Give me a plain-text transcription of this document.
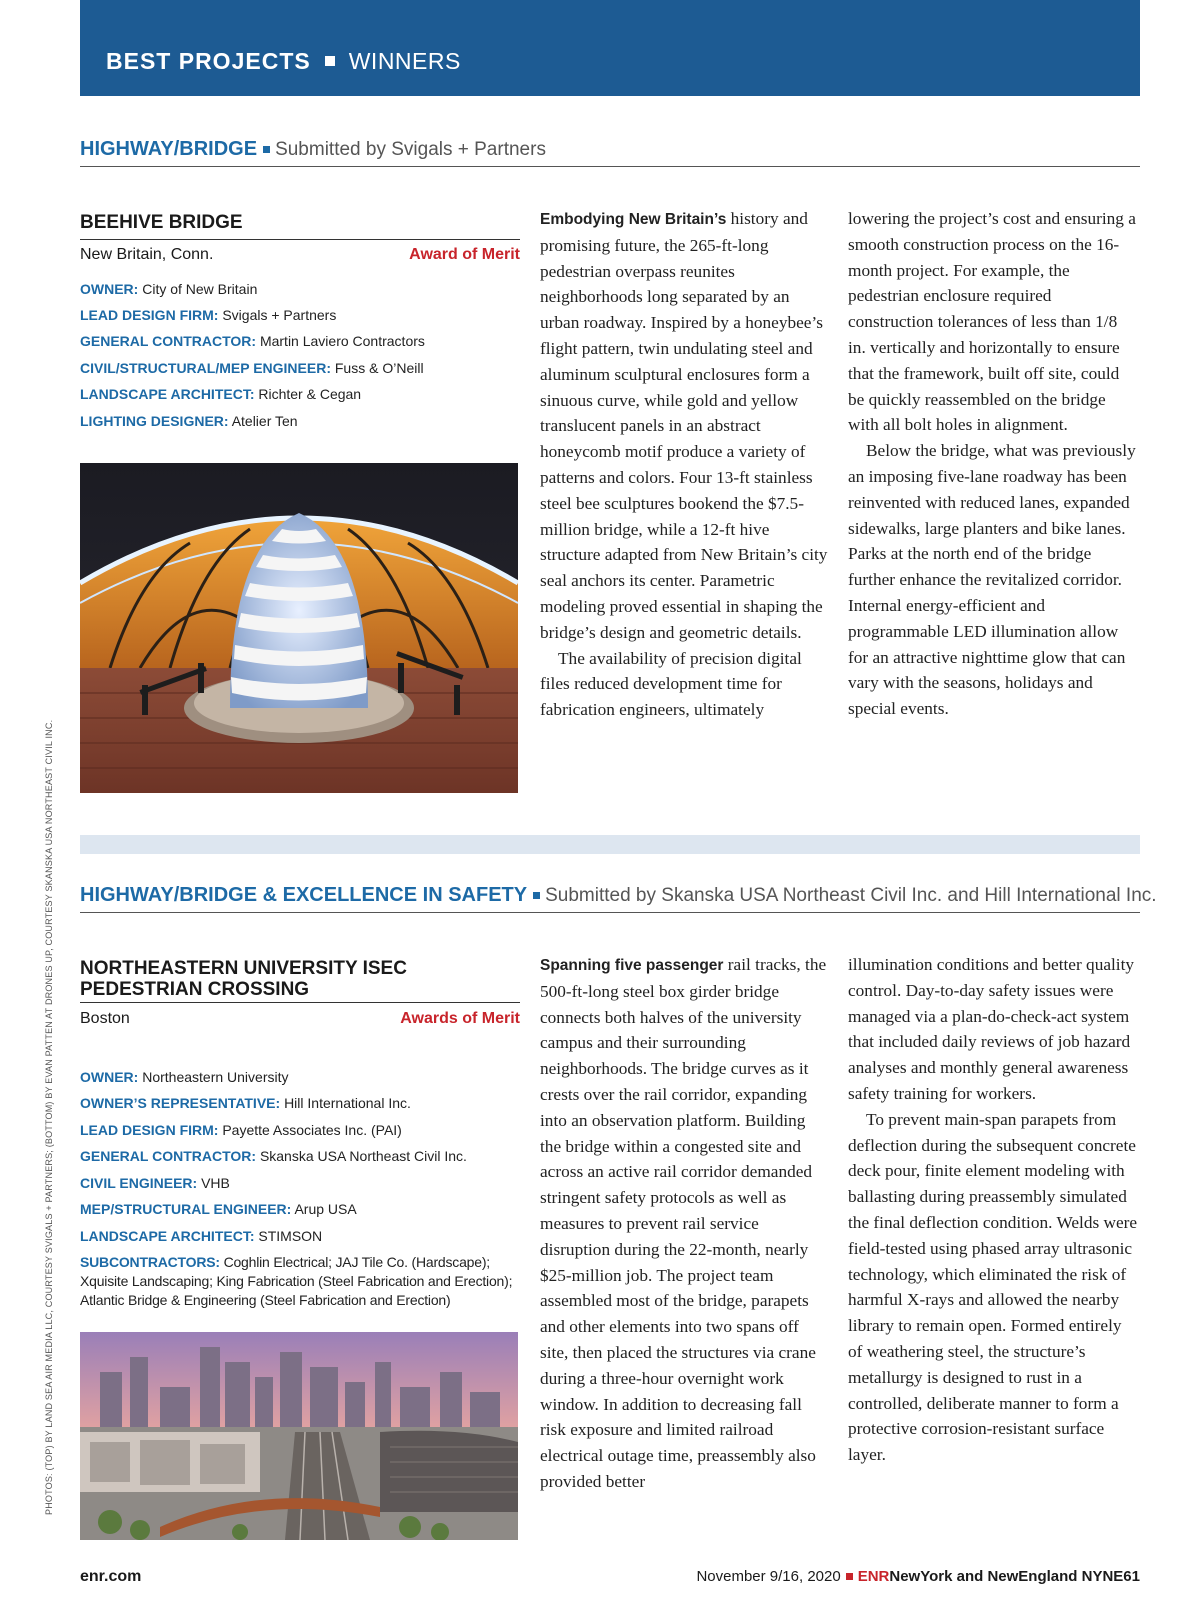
BEST PROJECTS WINNERS
HIGHWAY/BRIDGE Submitted by Svigals + Partners
BEEHIVE BRIDGE
New Britain, Conn.	Award of Merit
OWNER: City of New Britain
LEAD DESIGN FIRM: Svigals + Partners
GENERAL CONTRACTOR: Martin Laviero Contractors
CIVIL/STRUCTURAL/MEP ENGINEER: Fuss & O’Neill
LANDSCAPE ARCHITECT: Richter & Cegan
LIGHTING DESIGNER: Atelier Ten

Embodying New Britain’s history and promising future, the 265-ft-long pedestrian overpass reunites neighborhoods long separated by an urban roadway. Inspired by a honeybee’s flight pattern, twin undulating steel and aluminum sculptural enclosures form a sinuous curve, while gold and yellow translucent panels in an abstract honeycomb motif produce a variety of patterns and colors. Four 13-ft stainless steel bee sculptures bookend the $7.5-million bridge, while a 12-ft hive structure adapted from New Britain’s city seal anchors its center. Parametric modeling proved essential in shaping the bridge’s design and geometric details.

The availability of precision digital files reduced development time for fabrication engineers, ultimately

lowering the project’s cost and ensuring a smooth construction process on the 16-month project. For example, the pedestrian enclosure required construction tolerances of less than 1/8 in. vertically and horizontally to ensure that the framework, built off site, could be quickly reassembled on the bridge with all bolt holes in alignment.

Below the bridge, what was previously an imposing five-lane roadway has been reinvented with reduced lanes, expanded sidewalks, large planters and bike lanes. Parks at the north end of the bridge further enhance the revitalized corridor. Internal energy-efficient and programmable LED illumination allow for an attractive nighttime glow that can vary with the seasons, holidays and special events.

HIGHWAY/BRIDGE & EXCELLENCE IN SAFETY Submitted by Skanska USA Northeast Civil Inc. and Hill International Inc.
NORTHEASTERN UNIVERSITY ISEC PEDESTRIAN CROSSING
Boston	Awards of Merit
OWNER: Northeastern University
OWNER’S REPRESENTATIVE: Hill International Inc.
LEAD DESIGN FIRM: Payette Associates Inc. (PAI)
GENERAL CONTRACTOR: Skanska USA Northeast Civil Inc.
CIVIL ENGINEER: VHB
MEP/STRUCTURAL ENGINEER: Arup USA
LANDSCAPE ARCHITECT: STIMSON
SUBCONTRACTORS: Coghlin Electrical; JAJ Tile Co. (Hardscape); Xquisite Landscaping; King Fabrication (Steel Fabrication and Erection); Atlantic Bridge & Engineering (Steel Fabrication and Erection)

Spanning five passenger rail tracks, the 500-ft-long steel box girder bridge connects both halves of the university campus and their surrounding neighborhoods. The bridge curves as it crests over the rail corridor, expanding into an observation platform. Building the bridge within a congested site and across an active rail corridor demanded stringent safety protocols as well as measures to prevent rail service disruption during the 22-month, nearly $25-million job. The project team assembled most of the bridge, parapets and other elements into two spans off site, then placed the structures via crane during a three-hour overnight work window. In addition to decreasing fall risk exposure and limited railroad electrical outage time, preassembly also provided better

illumination conditions and better quality control. Day-to-day safety issues were managed via a plan-do-check-act system that included daily reviews of job hazard analyses and monthly general awareness safety training for workers.

To prevent main-span parapets from deflection during the subsequent concrete deck pour, finite element modeling with ballasting during preassembly simulated the final deflection condition. Welds were field-tested using phased array ultrasonic technology, which eliminated the risk of harmful X-rays and allowed the nearby library to remain open. Formed entirely of weathering steel, the structure’s metallurgy is designed to rust in a controlled, deliberate manner to form a protective corrosion-resistant surface layer.

PHOTOS: (TOP) BY LAND SEA AIR MEDIA LLC, COURTESY SVIGALS + PARTNERS; (BOTTOM) BY EVAN PATTEN AT DRONES UP, COURTESY SKANSKA USA NORTHEAST CIVIL INC.
enr.com	November 9/16, 2020 ENRNewYork and NewEngland NYNE61
